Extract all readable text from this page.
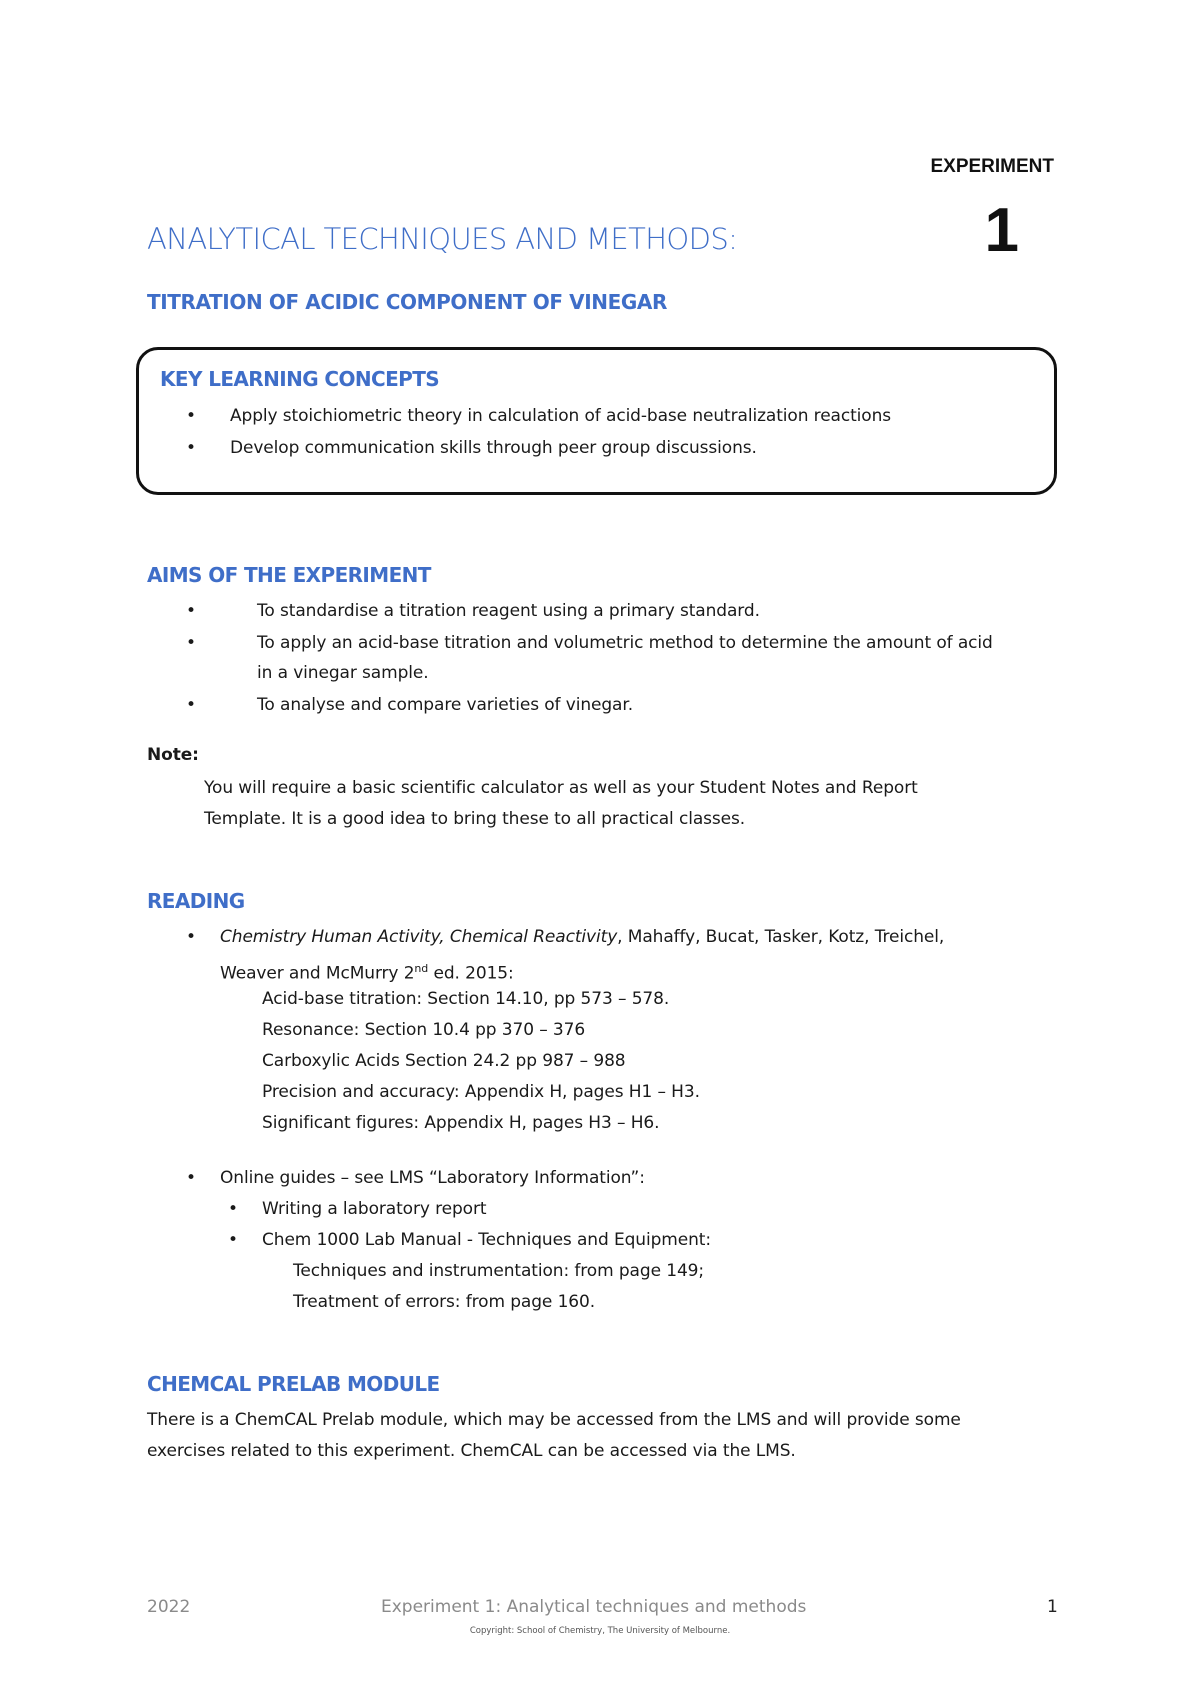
EXPERIMENT
1
ANALYTICAL TECHNIQUES AND METHODS:
TITRATION OF ACIDIC COMPONENT OF VINEGAR
KEY LEARNING CONCEPTS
• Apply stoichiometric theory in calculation of acid-base neutralization reactions
• Develop communication skills through peer group discussions.
AIMS OF THE EXPERIMENT
•	To standardise a titration reagent using a primary standard.
•	To apply an acid-base titration and volumetric method to determine the amount of acid
in a vinegar sample.
•	To analyse and compare varieties of vinegar.
Note:
You will require a basic scientific calculator as well as your Student Notes and Report
Template. It is a good idea to bring these to all practical classes.
READING
• Chemistry Human Activity, Chemical Reactivity, Mahaffy, Bucat, Tasker, Kotz, Treichel,
Weaver and McMurry 2nd ed. 2015:
Acid-base titration: Section 14.10, pp 573 – 578.
Resonance: Section 10.4 pp 370 – 376
Carboxylic Acids Section 24.2 pp 987 – 988
Precision and accuracy: Appendix H, pages H1 – H3.
Significant figures: Appendix H, pages H3 – H6.
• Online guides – see LMS “Laboratory Information”:
• Writing a laboratory report
• Chem 1000 Lab Manual - Techniques and Equipment:
Techniques and instrumentation: from page 149;
Treatment of errors: from page 160.
CHEMCAL PRELAB MODULE
There is a ChemCAL Prelab module, which may be accessed from the LMS and will provide some
exercises related to this experiment. ChemCAL can be accessed via the LMS.
2022	Experiment 1: Analytical techniques and methods	1
Copyright: School of Chemistry, The University of Melbourne.
